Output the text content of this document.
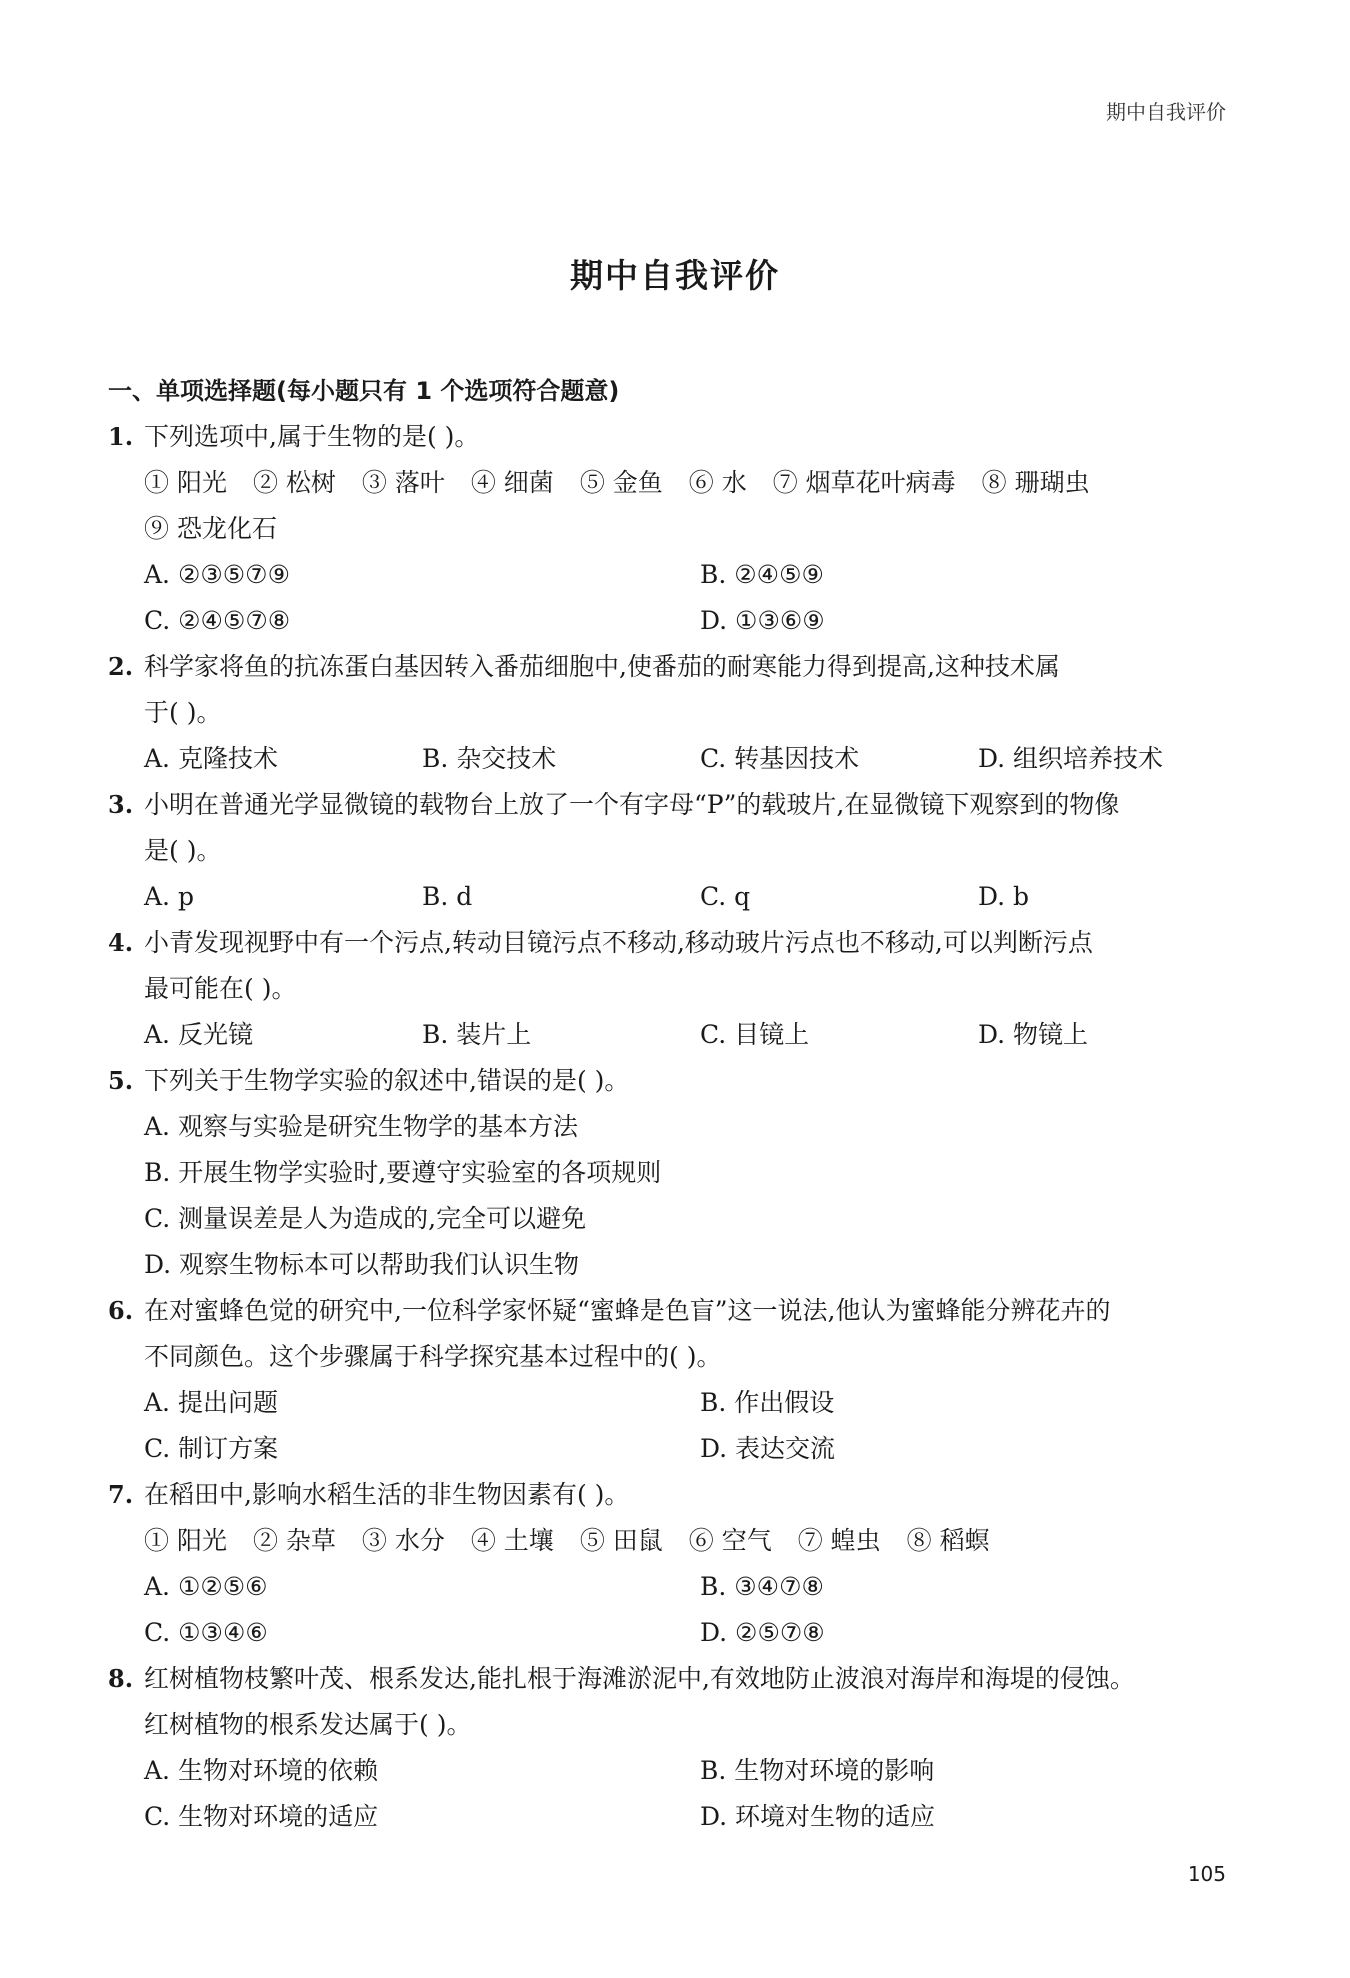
期中自我评价
期中自我评价
一、单项选择题(每小题只有 1 个选项符合题意)
1. 下列选项中,属于生物的是( )。
① 阳光 ② 松树 ③ 落叶 ④ 细菌 ⑤ 金鱼 ⑥ 水 ⑦ 烟草花叶病毒 ⑧ 珊瑚虫
⑨ 恐龙化石
A. ②③⑤⑦⑨	B. ②④⑤⑨
C. ②④⑤⑦⑧	D. ①③⑥⑨
2. 科学家将鱼的抗冻蛋白基因转入番茄细胞中,使番茄的耐寒能力得到提高,这种技术属
于( )。
A. 克隆技术	B. 杂交技术	C. 转基因技术	D. 组织培养技术
3. 小明在普通光学显微镜的载物台上放了一个有字母“P”的载玻片,在显微镜下观察到的物像
是( )。
A. p	B. d	C. q	D. b
4. 小青发现视野中有一个污点,转动目镜污点不移动,移动玻片污点也不移动,可以判断污点
最可能在( )。
A. 反光镜	B. 装片上	C. 目镜上	D. 物镜上
5. 下列关于生物学实验的叙述中,错误的是( )。
A. 观察与实验是研究生物学的基本方法
B. 开展生物学实验时,要遵守实验室的各项规则
C. 测量误差是人为造成的,完全可以避免
D. 观察生物标本可以帮助我们认识生物
6. 在对蜜蜂色觉的研究中,一位科学家怀疑“蜜蜂是色盲”这一说法,他认为蜜蜂能分辨花卉的
不同颜色。这个步骤属于科学探究基本过程中的( )。
A. 提出问题	B. 作出假设
C. 制订方案	D. 表达交流
7. 在稻田中,影响水稻生活的非生物因素有( )。
① 阳光 ② 杂草 ③ 水分 ④ 土壤 ⑤ 田鼠 ⑥ 空气 ⑦ 蝗虫 ⑧ 稻螟
A. ①②⑤⑥	B. ③④⑦⑧
C. ①③④⑥	D. ②⑤⑦⑧
8. 红树植物枝繁叶茂、根系发达,能扎根于海滩淤泥中,有效地防止波浪对海岸和海堤的侵蚀。
红树植物的根系发达属于( )。
A. 生物对环境的依赖	B. 生物对环境的影响
C. 生物对环境的适应	D. 环境对生物的适应
105
